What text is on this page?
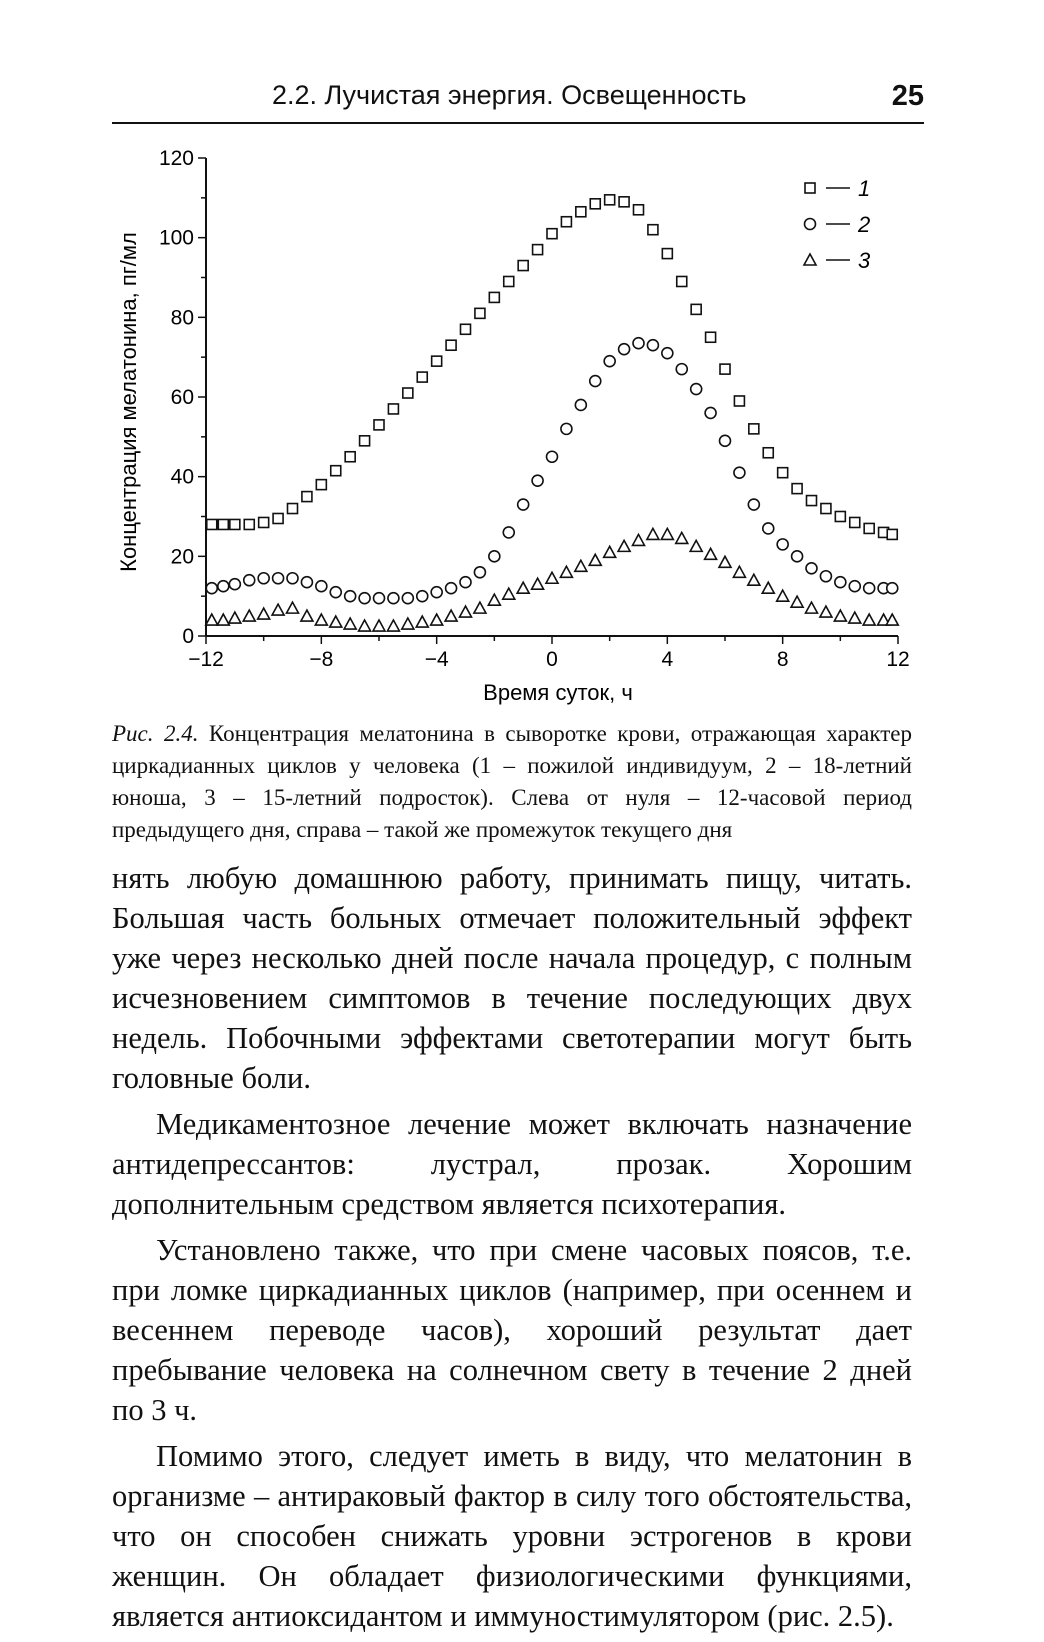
2.2. Лучистая энергия. Освещенность	25
−12	−8	−4	0	4	8	12
0
20
40
60
80
100
120
1
2
3
Концентрация мелатонина, пг/мл
Время суток, ч
Рис. 2.4. Концентрация мелатонина в сыворотке крови, отражающая характер циркадианных циклов у человека (1 – пожилой индивидуум, 2 – 18-летний юноша, 3 – 15-летний подросток). Слева от нуля – 12-часовой период предыдущего дня, справа – такой же промежуток текущего дня

нять любую домашнюю работу, принимать пищу, читать. Большая часть больных отмечает положительный эффект уже через несколько дней после начала процедур, с полным исчезновением симптомов в течение последующих двух недель. Побочными эффектами светотерапии могут быть головные боли.

Медикаментозное лечение может включать назначение антидепрессантов: лустрал, прозак. Хорошим дополнительным средством является психотерапия.

Установлено также, что при смене часовых поясов, т.е. при ломке циркадианных циклов (например, при осеннем и весеннем переводе часов), хороший результат дает пребывание человека на солнечном свету в течение 2 дней по 3 ч.

Помимо этого, следует иметь в виду, что мелатонин в организме – антираковый фактор в силу того обстоятельства, что он способен снижать уровни эстрогенов в крови женщин. Он обладает физиологическими функциями, является антиоксидантом и иммуностимулятором (рис. 2.5).
